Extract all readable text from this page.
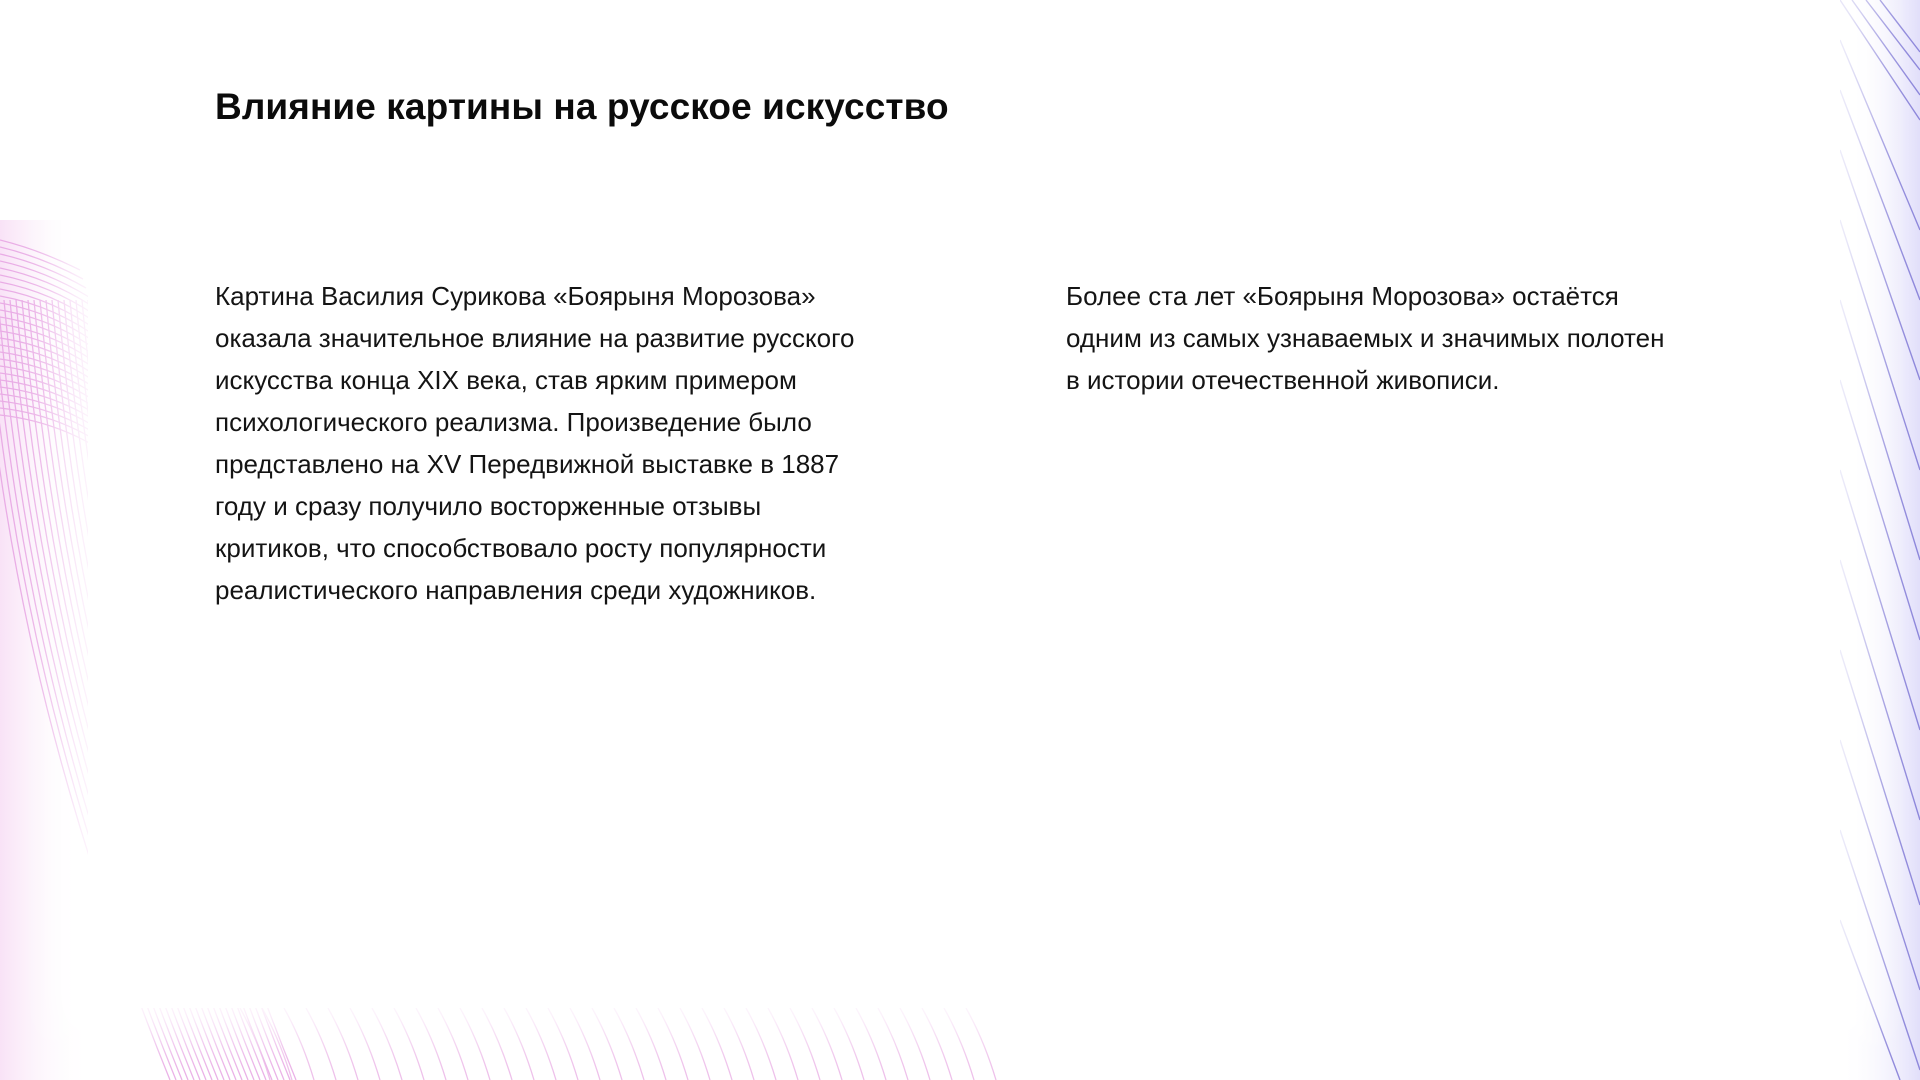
Влияние картины на русское искусство

Картина Василия Сурикова «Боярыня Морозова» оказала значительное влияние на развитие русского искусства конца XIX века, став ярким примером психологического реализма. Произведение было представлено на XV Передвижной выставке в 1887 году и сразу получило восторженные отзывы критиков, что способствовало росту популярности реалистического направления среди художников.

Более ста лет «Боярыня Морозова» остаётся одним из самых узнаваемых и значимых полотен в истории отечественной живописи.
